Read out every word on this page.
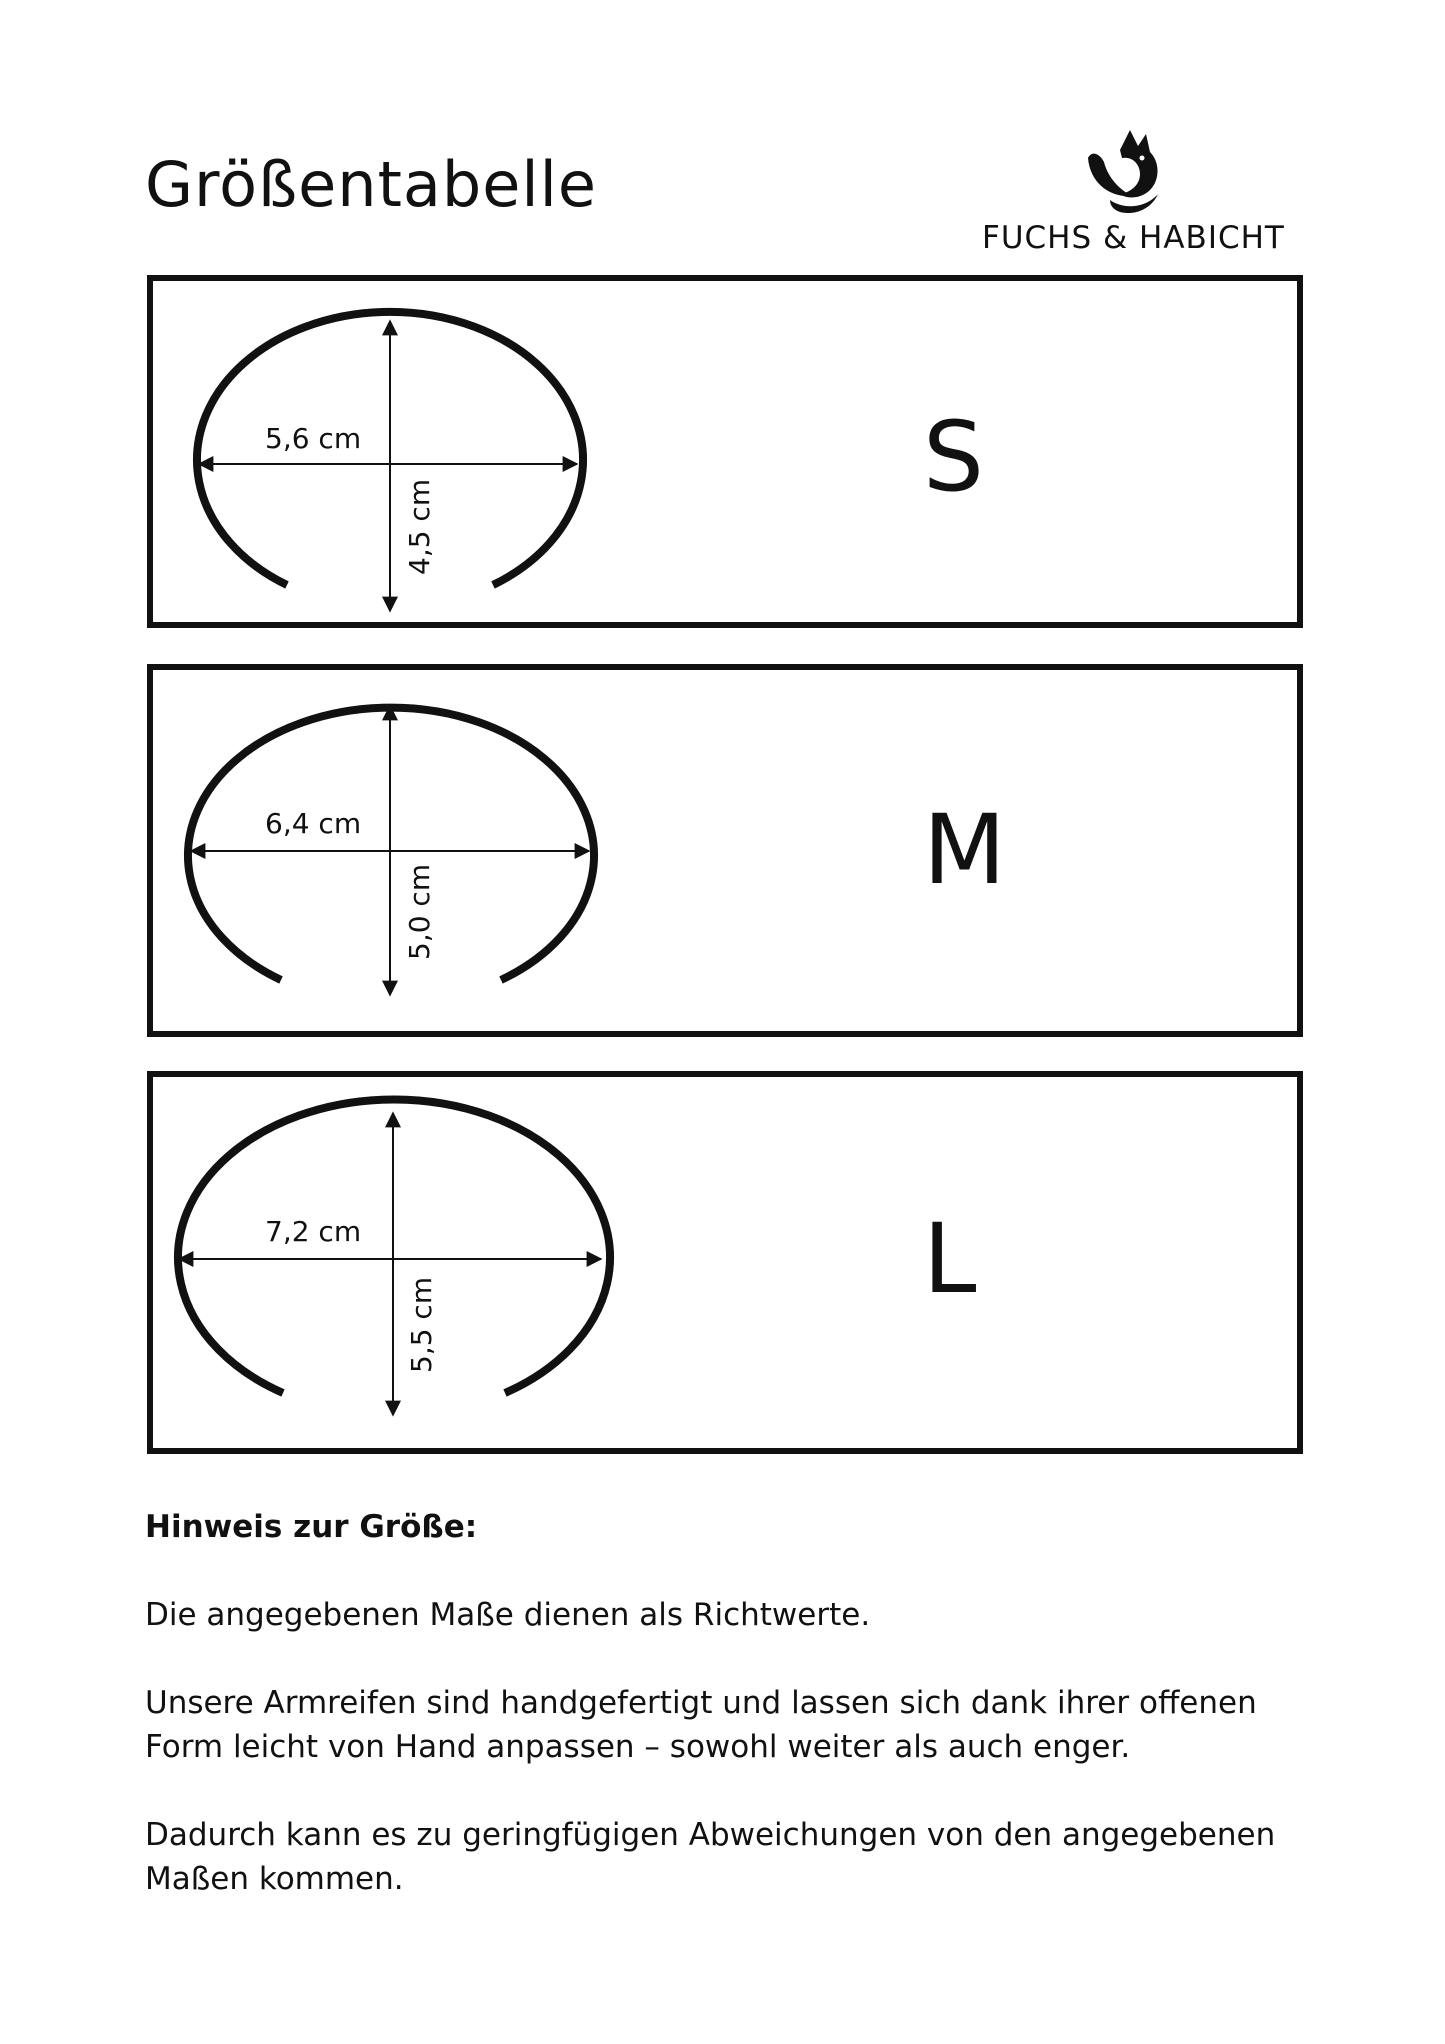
Größentabelle
FUCHS & HABICHT
5,6 cm
4,5 cm
S
6,4 cm
5,0 cm
M
7,2 cm
5,5 cm
L

Hinweis zur Größe:

Die angegebenen Maße dienen als Richtwerte.

Unsere Armreifen sind handgefertigt und lassen sich dank ihrer offenen Form leicht von Hand anpassen – sowohl weiter als auch enger.

Dadurch kann es zu geringfügigen Abweichungen von den angegebenen Maßen kommen.
